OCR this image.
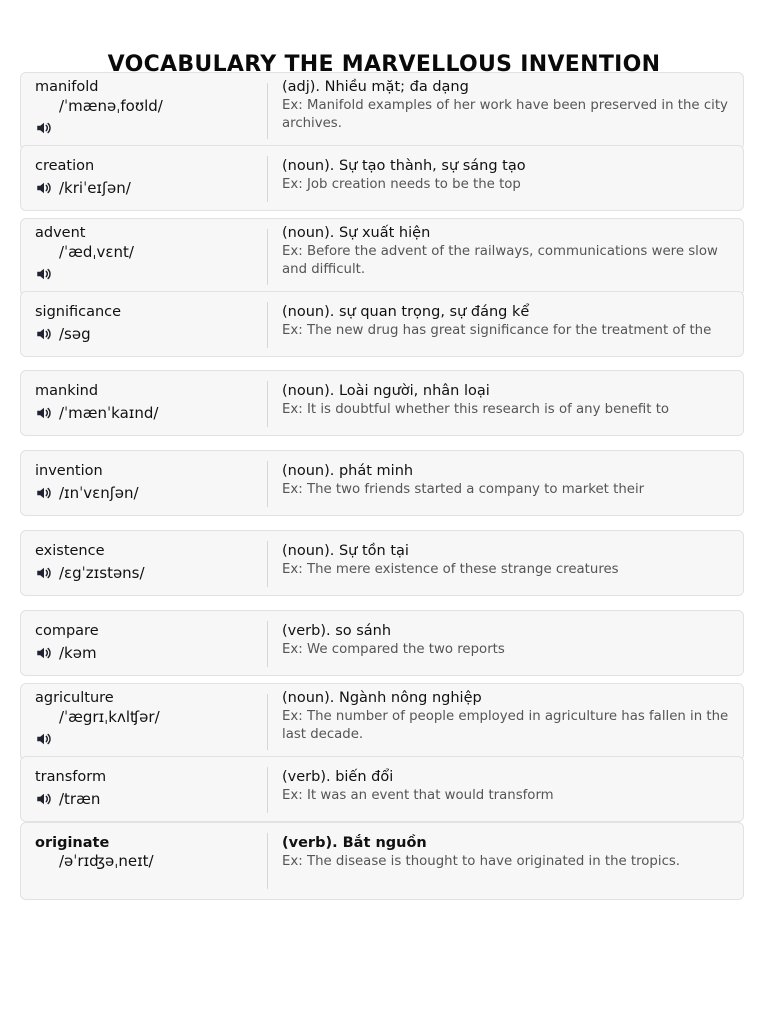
VOCABULARY THE MARVELLOUS INVENTION
manifold
/ˈmænəˌfoʊld/
(adj). Nhiều mặt; đa dạng
Ex: Manifold examples of her work have been preserved in the city archives.
creation
/kriˈeɪʃən/
(noun). Sự tạo thành, sự sáng tạo
Ex: Job creation needs to be the top
advent
/ˈædˌvɛnt/
(noun). Sự xuất hiện
Ex: Before the advent of the railways, communications were slow and difficult.
significance
/səg
(noun). sự quan trọng, sự đáng kể
Ex: The new drug has great significance for the treatment of the
mankind
/ˈmænˈkaɪnd/
(noun). Loài người, nhân loại
Ex: It is doubtful whether this research is of any benefit to
invention
/ɪnˈvɛnʃən/
(noun). phát minh
Ex: The two friends started a company to market their
existence
/ɛgˈzɪstəns/
(noun). Sự tồn tại
Ex: The mere existence of these strange creatures
compare
/kəm
(verb). so sánh
Ex: We compared the two reports
agriculture
/ˈægrɪˌkʌlʧər/
(noun). Ngành nông nghiệp
Ex: The number of people employed in agriculture has fallen in the last decade.
transform
/træn
(verb). biến đổi
Ex: It was an event that would transform
originate
/əˈrɪʤəˌneɪt/
(verb). Bắt nguồn
Ex: The disease is thought to have originated in the tropics.
